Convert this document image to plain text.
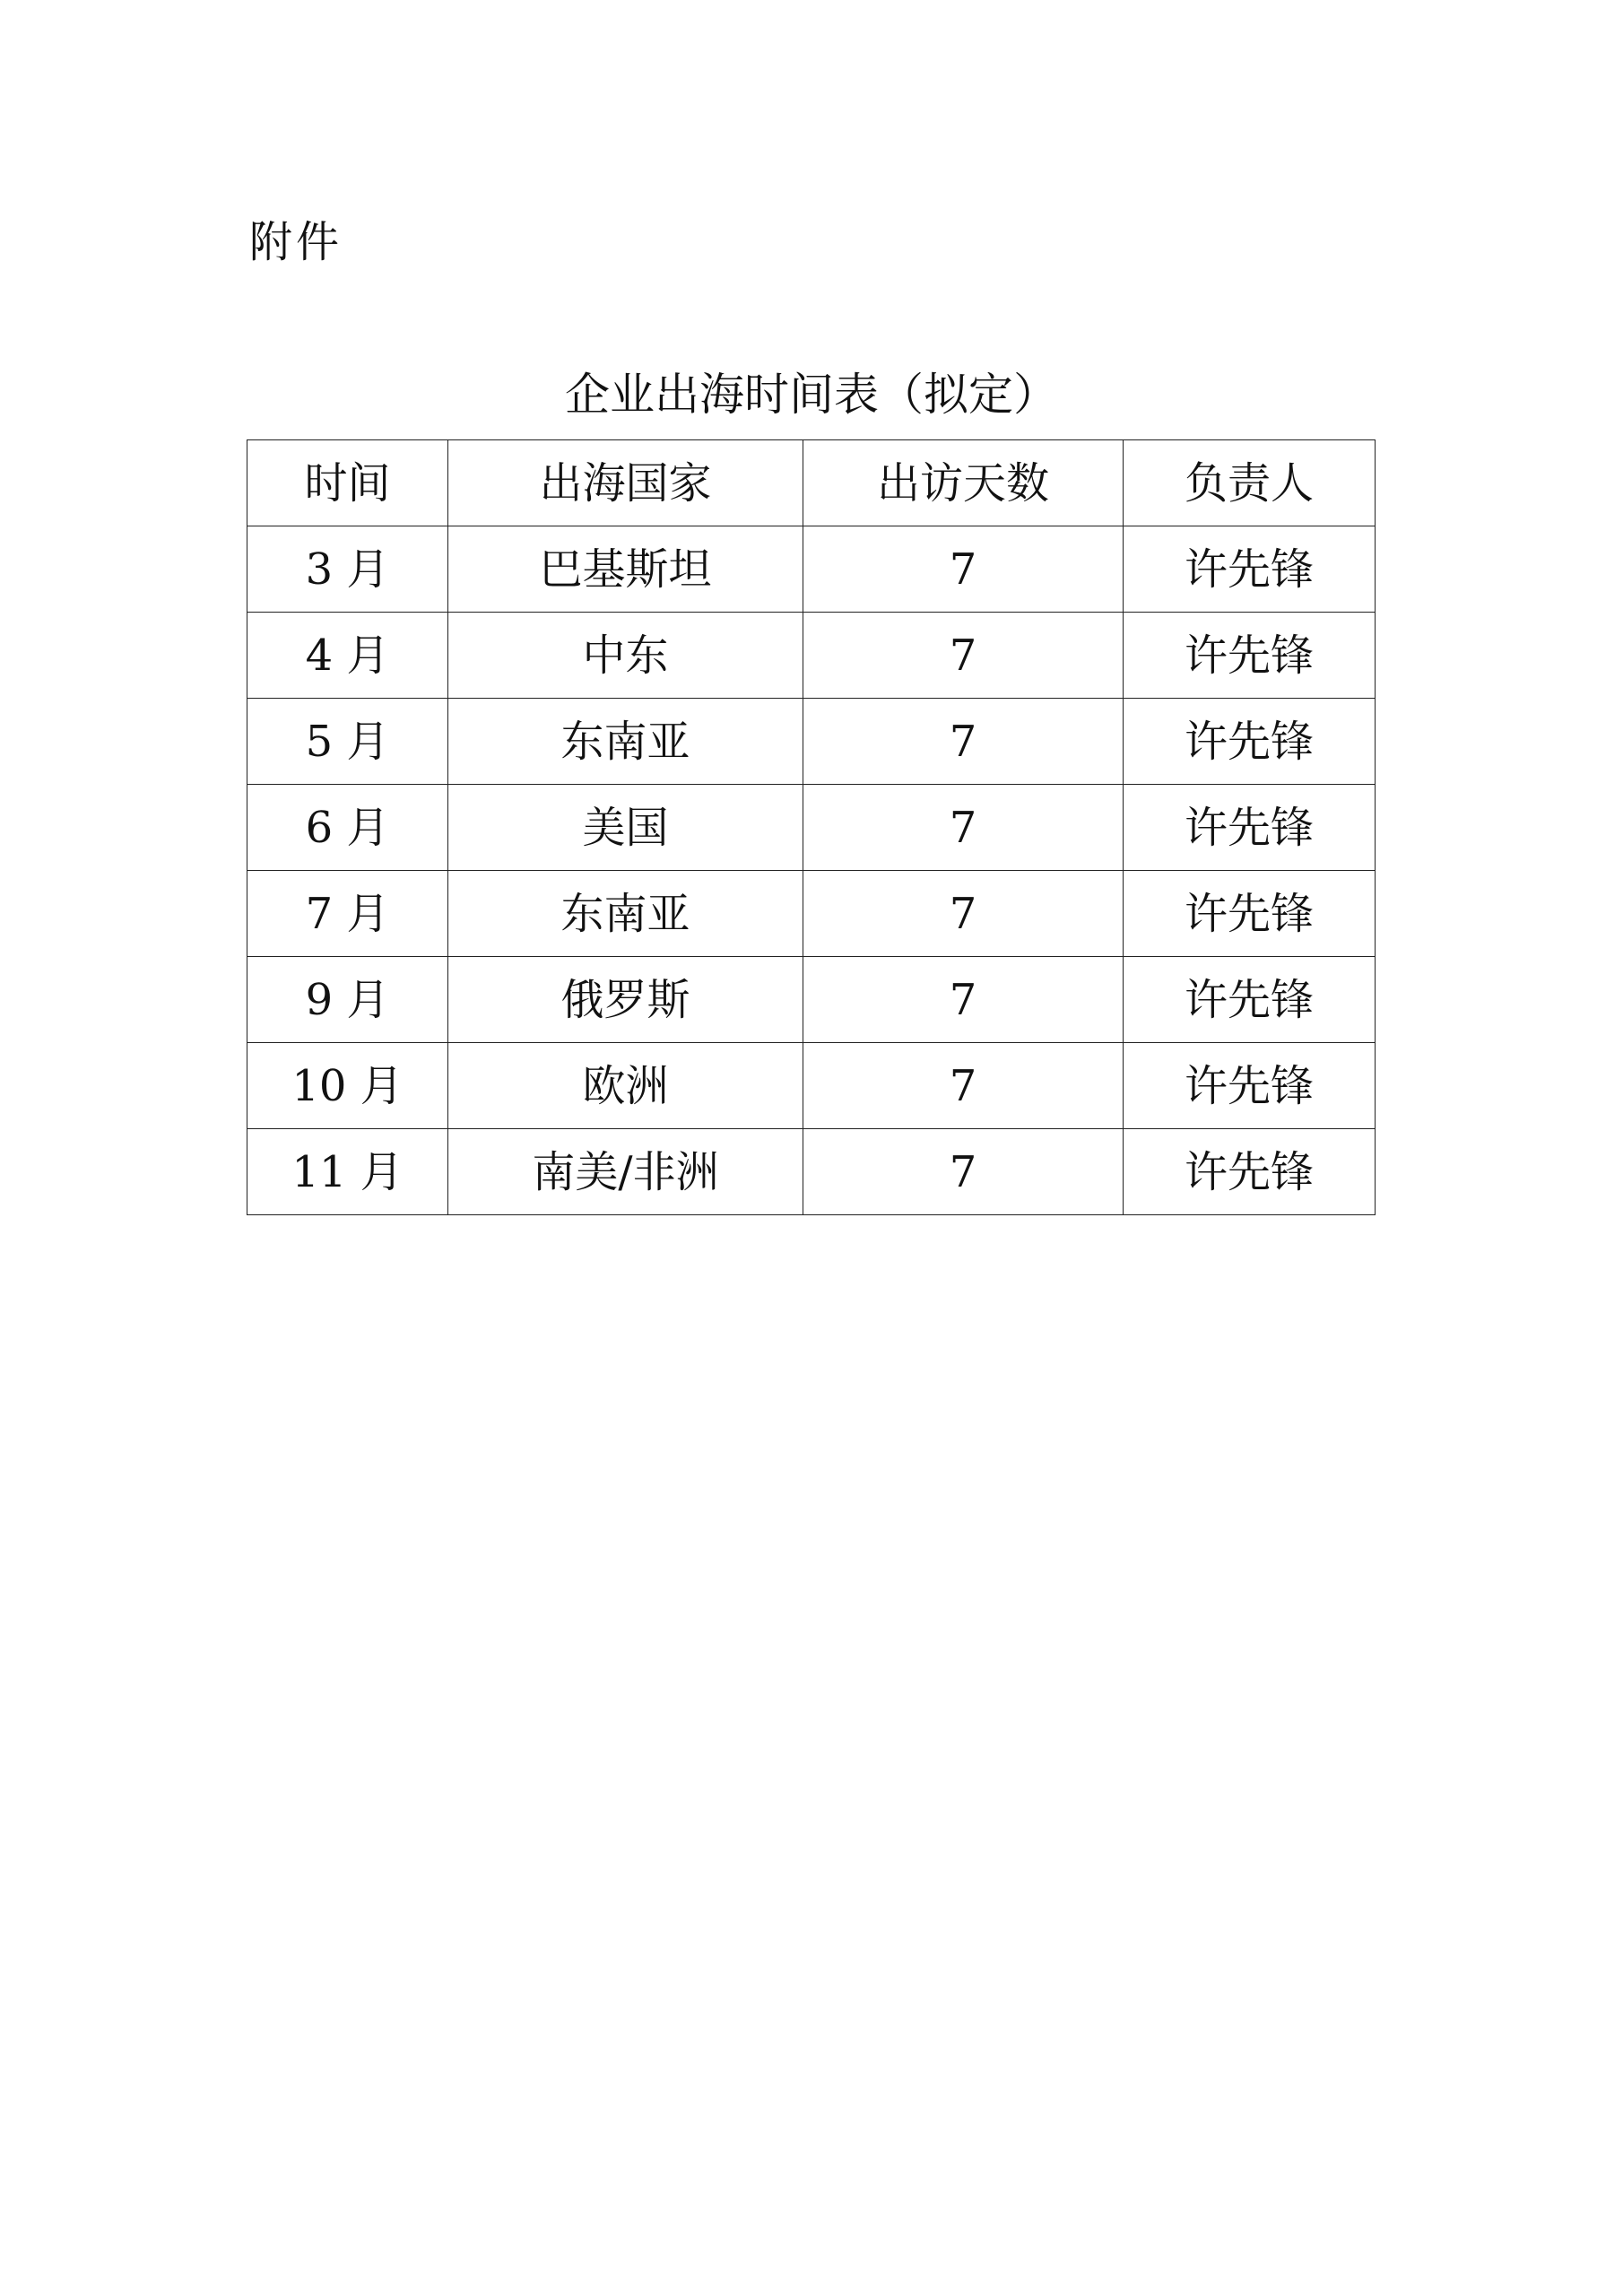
附件
企业出海时间表（拟定）
时间	出海国家	出访天数	负责人
3 月	巴基斯坦	7	许先锋
4 月	中东	7	许先锋
5 月	东南亚	7	许先锋
6 月	美国	7	许先锋
7 月	东南亚	7	许先锋
9 月	俄罗斯	7	许先锋
10 月	欧洲	7	许先锋
11 月	南美/非洲	7	许先锋
